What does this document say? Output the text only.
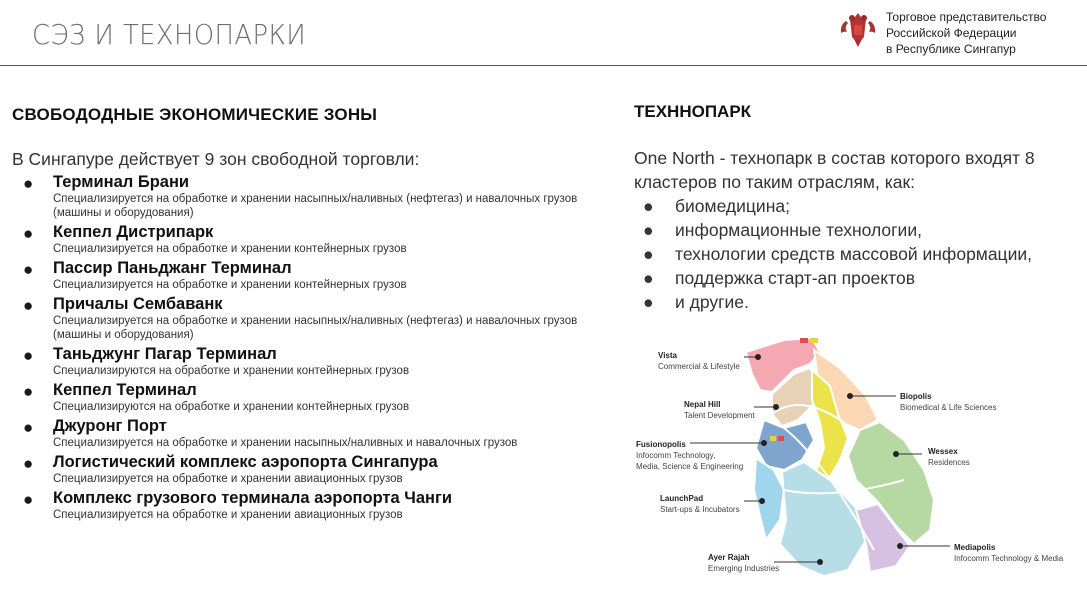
СЭЗ И ТЕХНОПАРКИ
Торговое представительство
Российской Федерации
в Республике Сингапур
СВОБОДОДНЫЕ ЭКОНОМИЧЕСКИЕ ЗОНЫ
В Сингапуре действует 9 зон свободной торговли:
● Терминал Брани
Специализируется на обработке и хранении насыпных/наливных (нефтегаз) и навалочных грузов (машины и оборудования)
● Кеппел Дистрипарк
Специализируется на обработке и хранении контейнерных грузов
● Пассир Паньджанг Терминал
Специализируется на обработке и хранении контейнерных грузов
● Причалы Сембаванк
Специализируется на обработке и хранении насыпных/наливных (нефтегаз) и навалочных грузов (машины и оборудования)
● Таньджунг Пагар Терминал
Специализируются на обработке и хранении контейнерных грузов
● Кеппел Терминал
Специализируются на обработке и хранении контейнерных грузов
● Джуронг Порт
Специализируется на обработке и хранении насыпных/наливных и навалочных грузов
● Логистический комплекс аэропорта Сингапура
Специализируется на обработке и хранении авиационных грузов
● Комплекс грузового терминала аэропорта Чанги
Специализируется на обработке и хранении авиационных грузов
ТЕХННОПАРК
One North - технопарк в состав которого входят 8 кластеров по таким отраслям, как:
● биомедицина;
● информационные технологии,
● технологии средств массовой информации,
● поддержка старт-ап проектов
● и другие.
Vista
Commercial & Lifestyle
Nepal Hill
Talent Development
Fusionopolis
Infocomm Technology, Media, Science & Engineering
LaunchPad
Start-ups & Incubators
Ayer Rajah
Emerging Industries
Biopolis
Biomedical & Life Sciences
Wessex
Residences
Mediapolis
Infocomm Technology & Media
